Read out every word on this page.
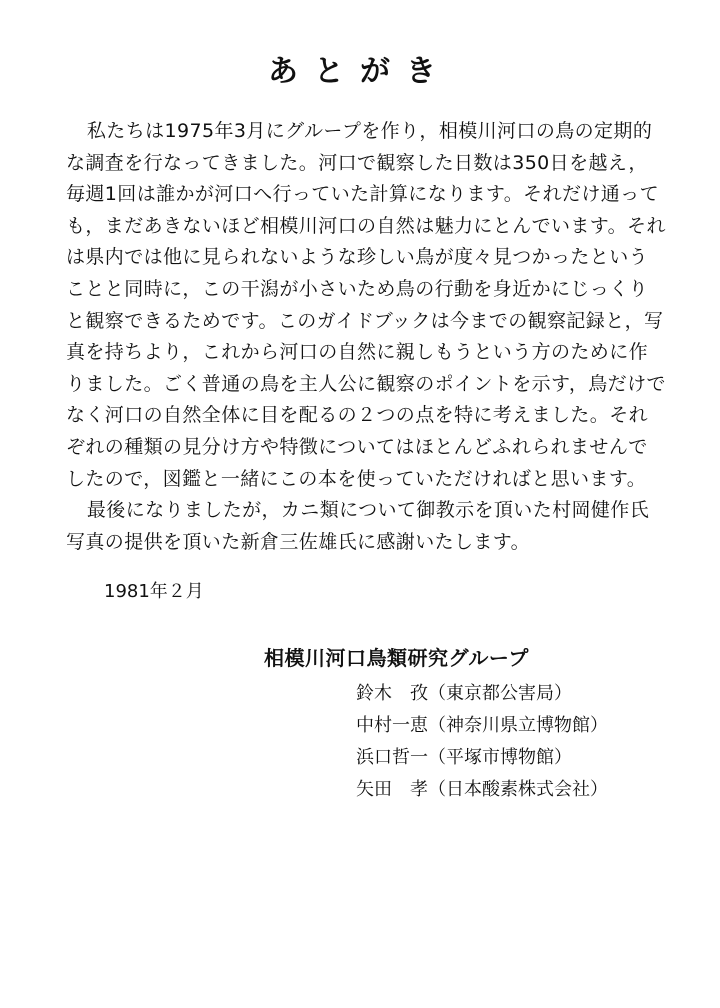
あとがき

私たちは1975年3月にグループを作り，相模川河口の鳥の定期的な調査を行なってきました。河口で観察した日数は350日を越え，毎週1回は誰かが河口へ行っていた計算になります。それだけ通っても，まだあきないほど相模川河口の自然は魅力にとんでいます。それは県内では他に見られないような珍しい鳥が度々見つかったということと同時に，この干潟が小さいため鳥の行動を身近かにじっくりと観察できるためです。このガイドブックは今までの観察記録と，写真を持ちより，これから河口の自然に親しもうという方のために作りました。ごく普通の鳥を主人公に観察のポイントを示す，鳥だけでなく河口の自然全体に目を配るの２つの点を特に考えました。それぞれの種類の見分け方や特徴についてはほとんどふれられませんでしたので，図鑑と一緒にこの本を使っていただければと思います。

最後になりましたが，カニ類について御教示を頂いた村岡健作氏写真の提供を頂いた新倉三佐雄氏に感謝いたします。

1981年２月
相模川河口鳥類研究グループ
鈴木　孜（東京都公害局）
中村一恵（神奈川県立博物館）
浜口哲一（平塚市博物館）
矢田　孝（日本酸素株式会社）
